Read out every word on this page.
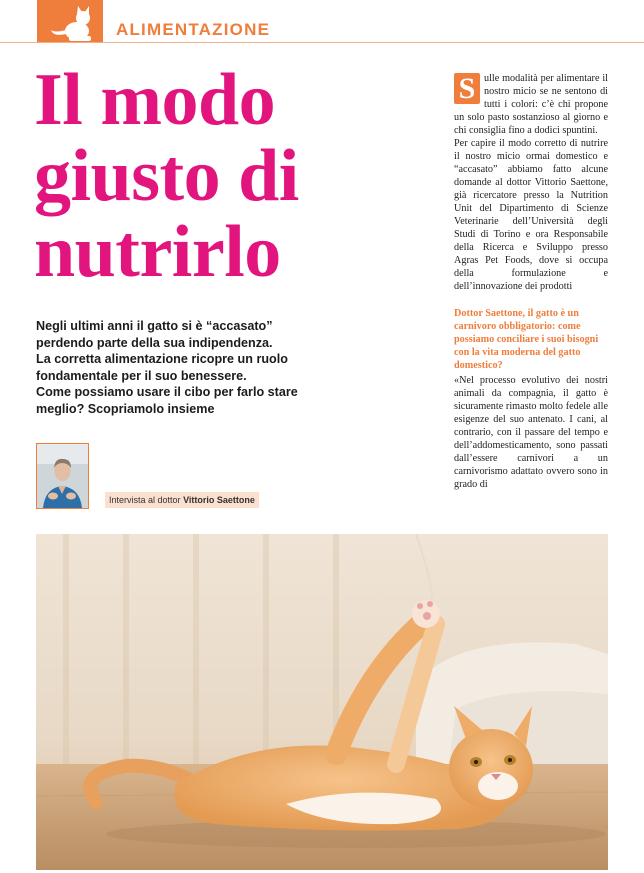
ALIMENTAZIONE
Il modo
giusto di
nutrirlo
Negli ultimi anni il gatto si è “accasato”
perdendo parte della sua indipendenza.
La corretta alimentazione ricopre un ruolo
fondamentale per il suo benessere.
Come possiamo usare il cibo per farlo stare
meglio? Scopriamolo insieme
Intervista al dottor Vittorio Saettone

S ulle modalità per alimentare il nostro micio se ne sentono di tutti i colori: c’è chi propone un solo pasto sostanzioso al giorno e chi consiglia fino a dodici spuntini.

Per capire il modo corretto di nutrire il nostro micio ormai domestico e “accasato” abbiamo fatto alcune domande al dottor Vittorio Saettone, già ricercatore presso la Nutrition Unit del Dipartimento di Scienze Veterinarie dell’Università degli Studi di Torino e ora Responsabile della Ricerca e Sviluppo presso Agras Pet Foods, dove si occupa della formulazione e dell’innovazione dei prodotti

Dottor Saettone, il gatto è un carnivoro obbligatorio: come possiamo conciliare i suoi bisogni con la vita moderna del gatto domestico?

«Nel processo evolutivo dei nostri animali da compagnia, il gatto è sicuramente rimasto molto fedele alle esigenze del suo antenato. I cani, al contrario, con il passare del tempo e dell’addomesticamento, sono passati dall’essere carnivori a un carnivorismo adattato ovvero sono in grado di
